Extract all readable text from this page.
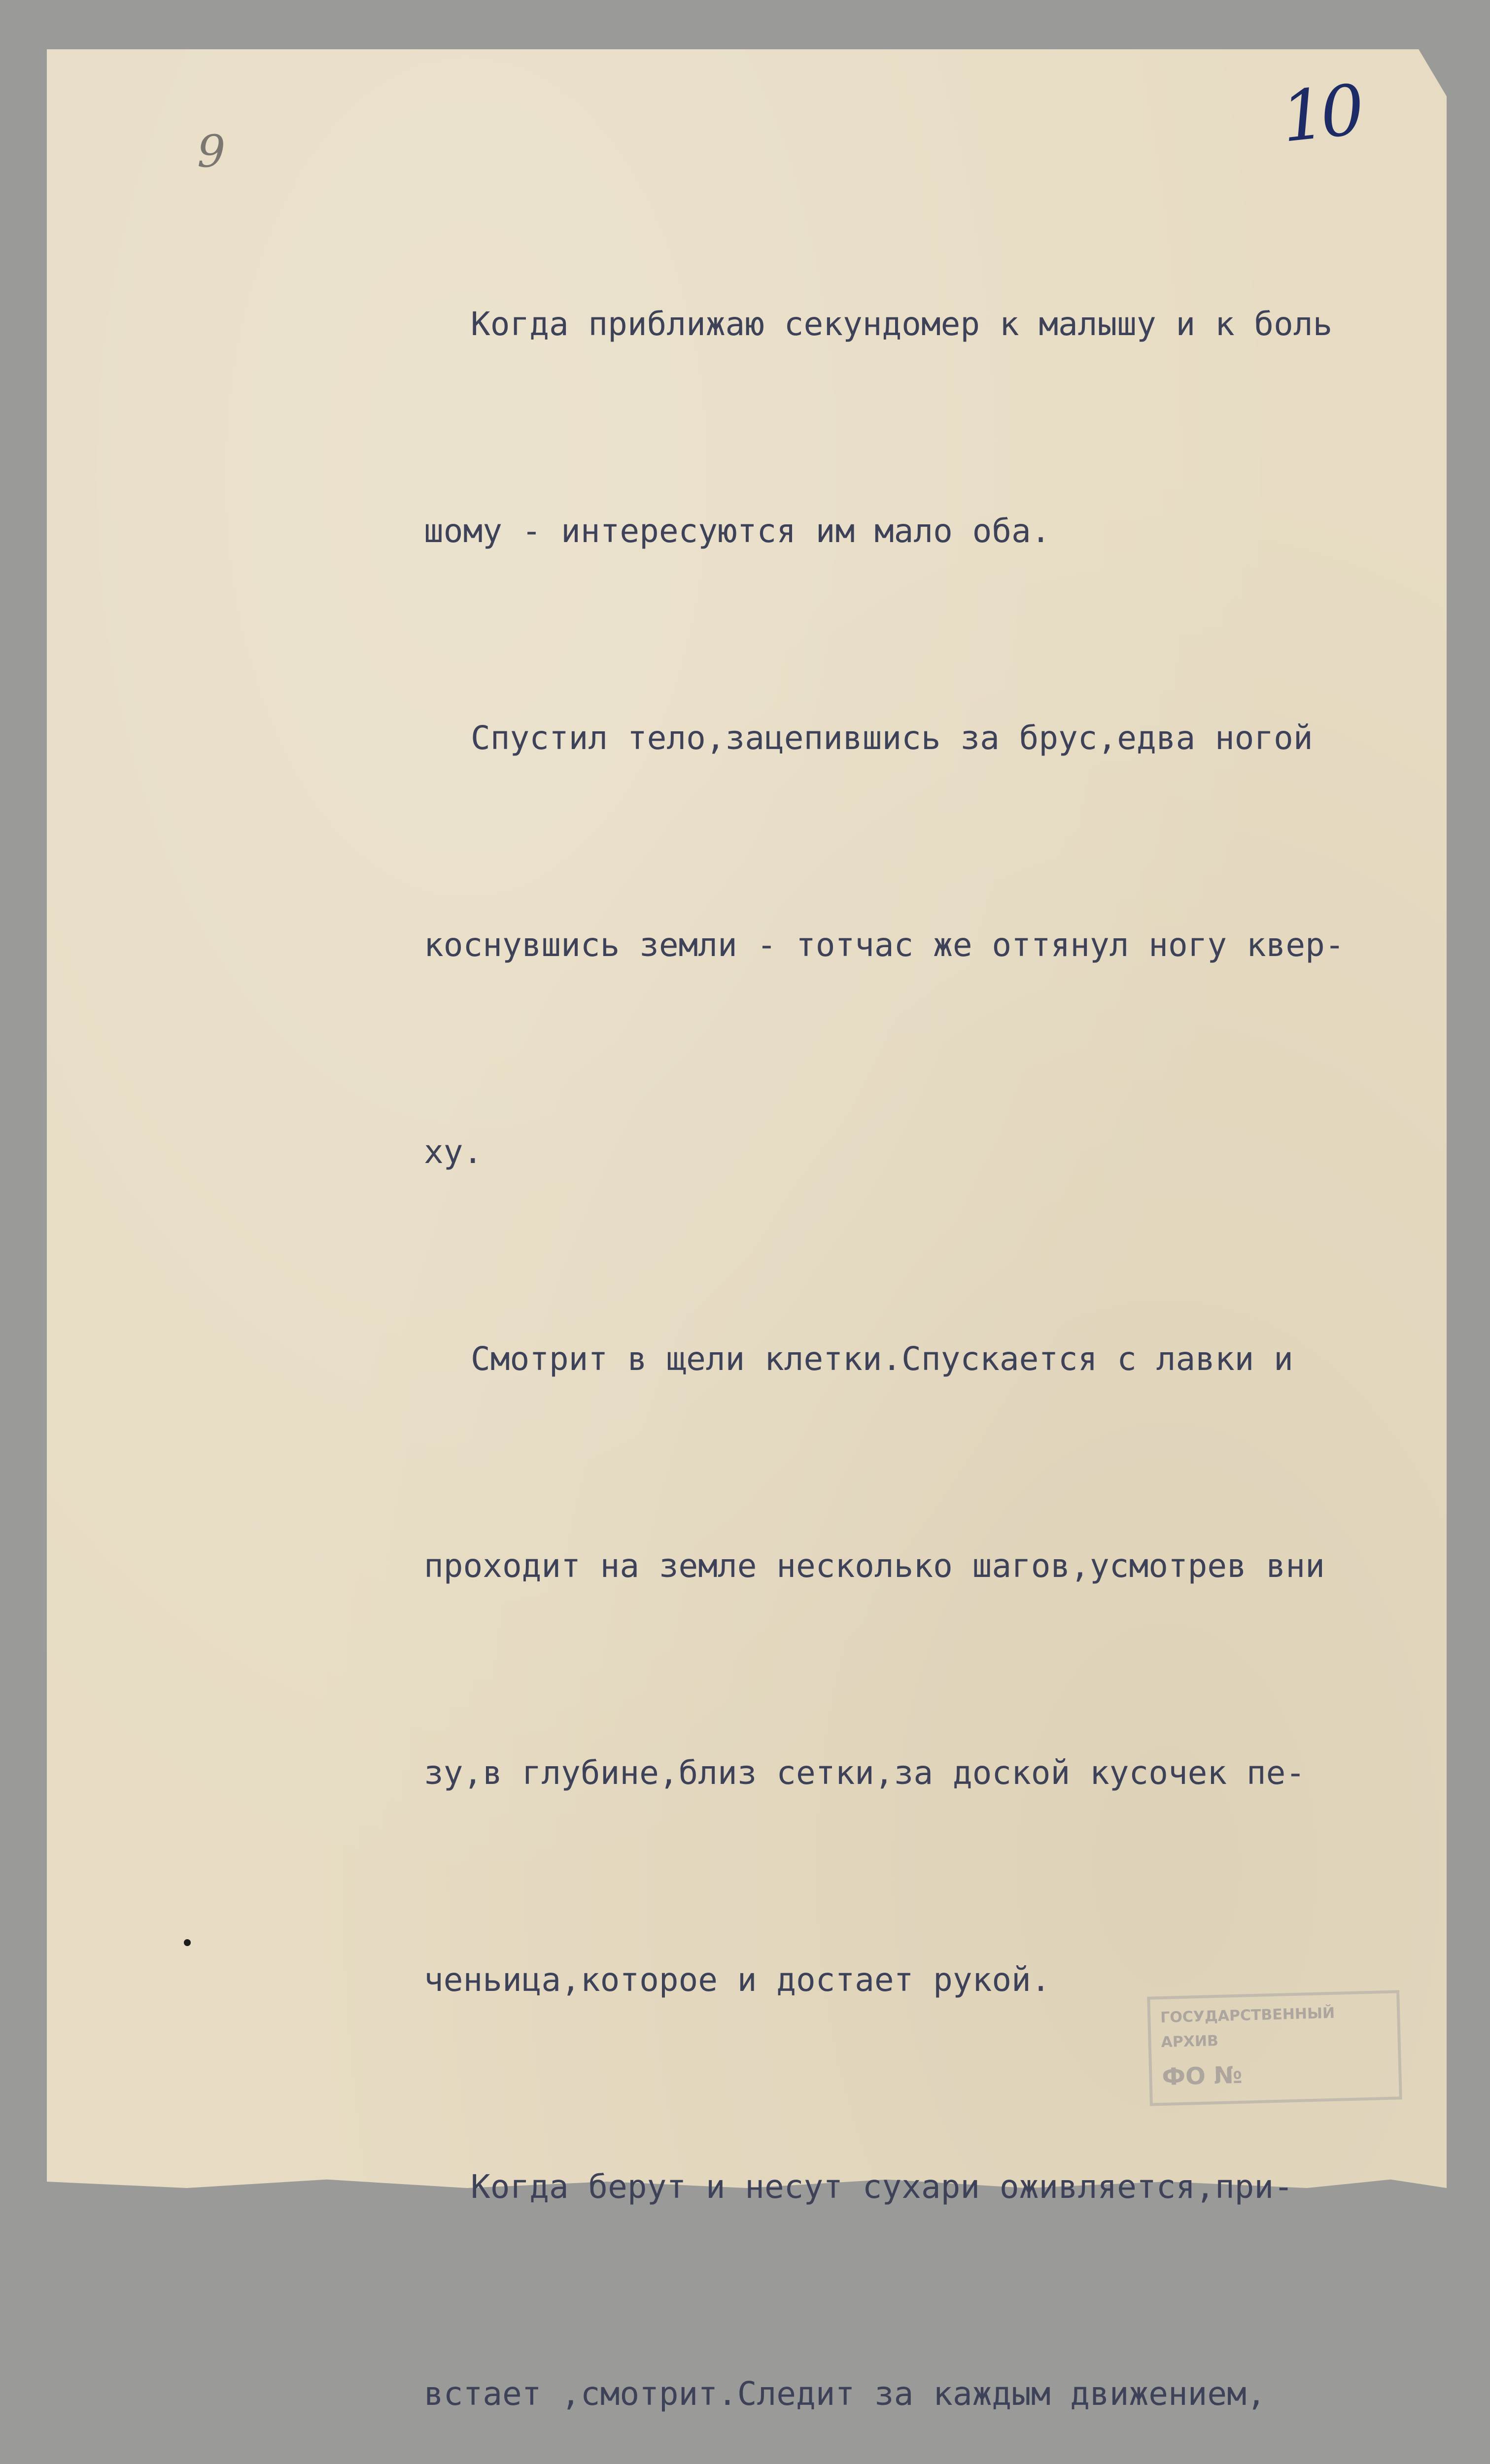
10
9

Когда приближаю секундомер к малышу и к боль

шому - интересуются им мало оба.

Спустил тело,зацепившись за брус,едва ногой

коснувшись земли - тотчас же оттянул ногу квер-

ху.

Смотрит в щели клетки.Спускается с лавки и

проходит на земле несколько шагов,усмотрев вни

зу,в глубине,близ сетки,за доской кусочек пе-

ченьица,которое и достает рукой.

Когда берут и несут сухари оживляется,при-

встает ,смотрит.Следит за каждым движением,

ГОСУДАРСТВЕННЫЙ
АРХИВ
ФО №
